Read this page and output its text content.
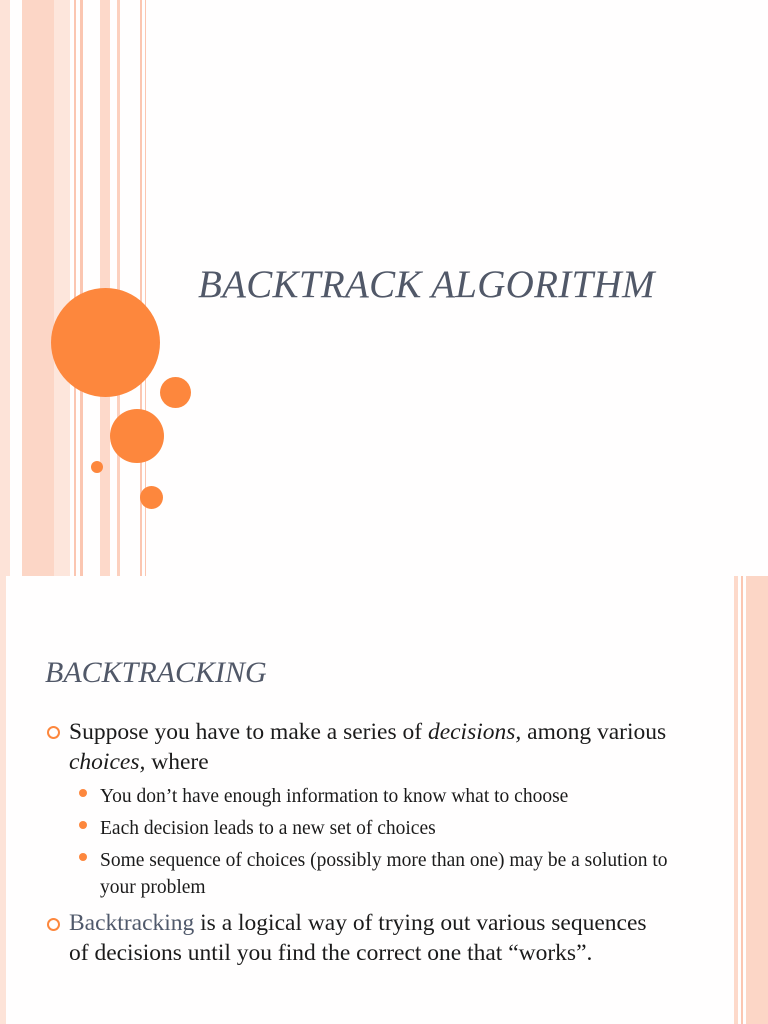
BACKTRACK ALGORITHM
BACKTRACKING
Suppose you have to make a series of decisions, among various choices, where
You don’t have enough information to know what to choose
Each decision leads to a new set of choices
Some sequence of choices (possibly more than one) may be a solution to your problem
Backtracking is a logical way of trying out various sequences of decisions until you find the correct one that “works”.
